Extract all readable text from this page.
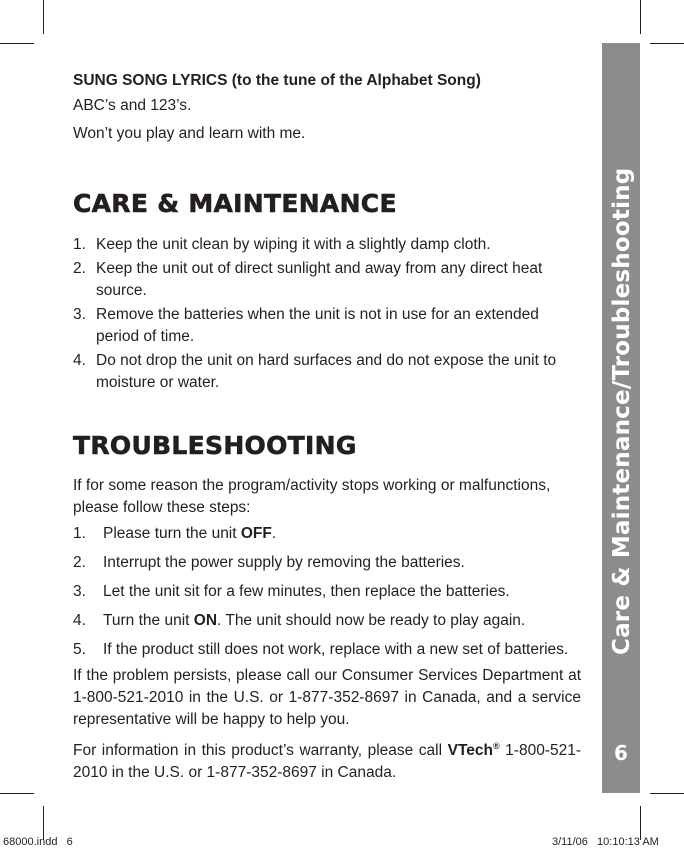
SUNG SONG LYRICS (to the tune of the Alphabet Song)

ABC’s and 123’s.

Won’t you play and learn with me.

CARE & MAINTENANCE
1. Keep the unit clean by wiping it with a slightly damp cloth.
2. Keep the unit out of direct sunlight and away from any direct heat source.
3. Remove the batteries when the unit is not in use for an extended period of time.
4. Do not drop the unit on hard surfaces and do not expose the unit to moisture or water.
TROUBLESHOOTING

If for some reason the program/activity stops working or malfunctions, please follow these steps:

1. Please turn the unit OFF.
2. Interrupt the power supply by removing the batteries.
3. Let the unit sit for a few minutes, then replace the batteries.
4. Turn the unit ON. The unit should now be ready to play again.
5. If the product still does not work, replace with a new set of batteries.

If the problem persists, please call our Consumer Services Department at 1-800-521-2010 in the U.S. or 1-877-352-8697 in Canada, and a service representative will be happy to help you.

For information in this product’s warranty, please call VTech® 1-800-521-2010 in the U.S. or 1-877-352-8697 in Canada.

Care & Maintenance/Troubleshooting
6
68000.indd   6	3/11/06   10:10:13 AM
